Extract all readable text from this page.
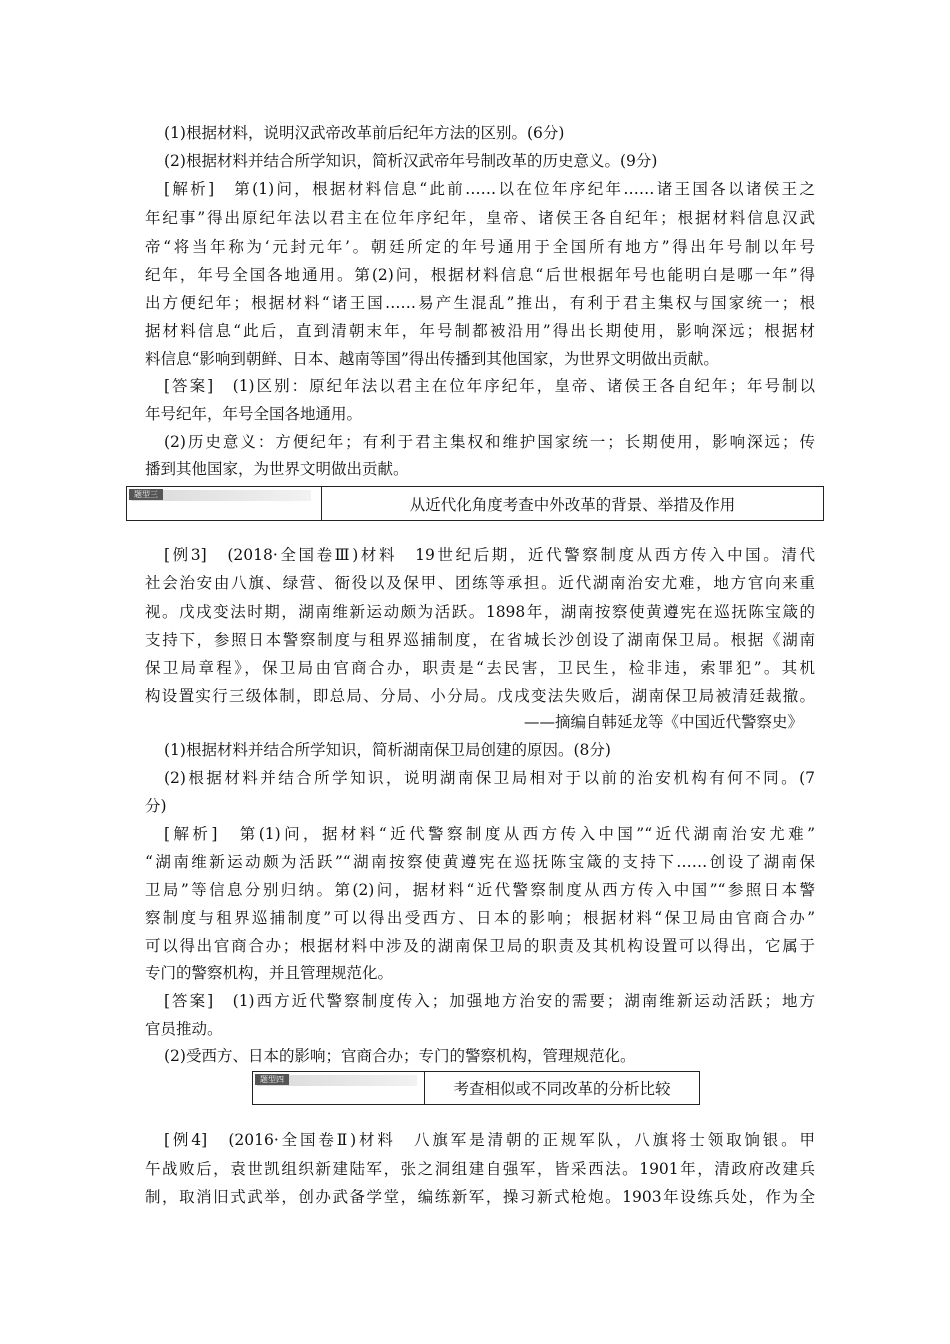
(1)根据材料，说明汉武帝改革前后纪年方法的区别。(6分)
(2)根据材料并结合所学知识，简析汉武帝年号制改革的历史意义。(9分)
[解析]　第(1)问，根据材料信息“此前……以在位年序纪年……诸王国各以诸侯王之
年纪事”得出原纪年法以君主在位年序纪年，皇帝、诸侯王各自纪年；根据材料信息汉武
帝“将当年称为‘元封元年’。朝廷所定的年号通用于全国所有地方”得出年号制以年号
纪年，年号全国各地通用。第(2)问，根据材料信息“后世根据年号也能明白是哪一年”得
出方便纪年；根据材料“诸王国……易产生混乱”推出，有利于君主集权与国家统一；根
据材料信息“此后，直到清朝末年，年号制都被沿用”得出长期使用，影响深远；根据材
料信息“影响到朝鲜、日本、越南等国”得出传播到其他国家，为世界文明做出贡献。
[答案]　(1)区别：原纪年法以君主在位年序纪年，皇帝、诸侯王各自纪年；年号制以
年号纪年，年号全国各地通用。
(2)历史意义：方便纪年；有利于君主集权和维护国家统一；长期使用，影响深远；传
播到其他国家，为世界文明做出贡献。
题型三
从近代化角度考查中外改革的背景、举措及作用
[例3]　(2018·全国卷Ⅲ)材料　19世纪后期，近代警察制度从西方传入中国。清代
社会治安由八旗、绿营、衙役以及保甲、团练等承担。近代湖南治安尤难，地方官向来重
视。戊戌变法时期，湖南维新运动颇为活跃。1898年，湖南按察使黄遵宪在巡抚陈宝箴的
支持下，参照日本警察制度与租界巡捕制度，在省城长沙创设了湖南保卫局。根据《湖南
保卫局章程》，保卫局由官商合办，职责是“去民害，卫民生，检非违，索罪犯”。其机
构设置实行三级体制，即总局、分局、小分局。戊戌变法失败后，湖南保卫局被清廷裁撤。
——摘编自韩延龙等《中国近代警察史》
(1)根据材料并结合所学知识，简析湖南保卫局创建的原因。(8分)
(2)根据材料并结合所学知识，说明湖南保卫局相对于以前的治安机构有何不同。(7
分)
[解析]　第(1)问，据材料“近代警察制度从西方传入中国”“近代湖南治安尤难”
“湖南维新运动颇为活跃”“湖南按察使黄遵宪在巡抚陈宝箴的支持下……创设了湖南保
卫局”等信息分别归纳。第(2)问，据材料“近代警察制度从西方传入中国”“参照日本警
察制度与租界巡捕制度”可以得出受西方、日本的影响；根据材料“保卫局由官商合办”
可以得出官商合办；根据材料中涉及的湖南保卫局的职责及其机构设置可以得出，它属于
专门的警察机构，并且管理规范化。
[答案]　(1)西方近代警察制度传入；加强地方治安的需要；湖南维新运动活跃；地方
官员推动。
(2)受西方、日本的影响；官商合办；专门的警察机构，管理规范化。
题型四
考查相似或不同改革的分析比较
[例4]　(2016·全国卷Ⅱ)材料　八旗军是清朝的正规军队，八旗将士领取饷银。甲
午战败后，袁世凯组织新建陆军，张之洞组建自强军，皆采西法。1901年，清政府改建兵
制，取消旧式武举，创办武备学堂，编练新军，操习新式枪炮。1903年设练兵处，作为全
